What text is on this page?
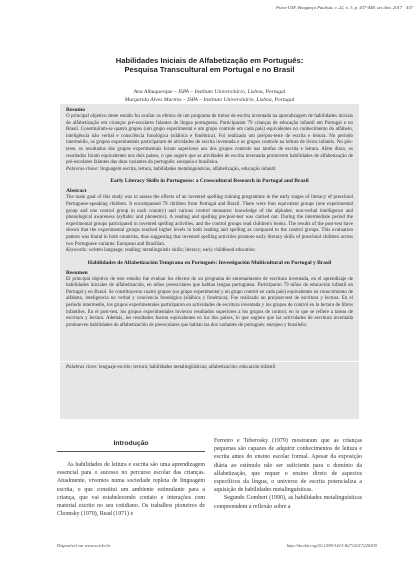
Psico-USF, Bragança Paulista, v. 22, n. 3, p. 437-448, set./dez. 2017 437
Habilidades Iniciais de Alfabetização em Português:
Pesquisa Transcultural em Portugal e no Brasil
Ana Albuquerque – ISPA – Instituto Universitário, Lisboa, Portugal
Margarida Alves Martins – ISPA – Instituto Universitário, Lisboa, Portugal

Resumo

O principal objetivo deste estudo foi avaliar os efeitos de um programa de treino de escrita inventada na aprendizagem de habilidades iniciais de alfabetização em crianças pré-escolares falantes de língua portuguesa. Participaram 79 crianças de educação infantil em Portugal e no Brasil. Constituíram-se quatro grupos (um grupo experimental e um grupo controle em cada país) equivalentes no conhecimento do alfabeto, inteligência não verbal e consciência fonológica (silábica e fonêmica). Foi realizado um pré/pós-teste de escrita e leitura. No período intermédio, os grupos experimentais participaram de atividades de escrita inventada e os grupos controle na leitura de livros infantis. No pós-teste, os resultados dos grupos experimentais foram superiores aos dos grupos controle nas tarefas de escrita e leitura. Além disso, os resultados foram equivalentes nos dois países, o que sugere que as atividades de escrita inventada promovem habilidades de alfabetização de pré-escolares falantes das duas variantes do português: europeia e brasileira.

Palavras-chave: linguagem escrita, leitura, habilidades metalinguísticas, alfabetização, educação infantil

Early Literacy Skills in Portuguese: a Crosscultural Research in Portugal and Brazil

Abstract

The main goal of this study was to assess the effects of an invented spelling training programme in the early stages of literacy of preschool Portuguese-speaking children. It encompassed 79 children from Portugal and Brazil. There were four equivalent groups (one experimental group and one control group in each country) and various control measures: knowledge of the alphabet, non-verbal intelligence and phonological awareness (syllabic and phonemic). A reading and spelling pre/post-test was carried out. During the intermediate period the experimental groups participated in invented spelling activities, and the control groups read children's books. The results of the post-test have shown that the experimental groups reached higher levels in both reading and spelling as compared to the control groups. This evaluation pattern was found in both countries, thus suggesting that invented spelling activities promote early literacy skills of preschool children across two Portuguese variants: European and Brazilian.

Keywords: written language; reading; metalinguistic skills; literacy; early childhood education

Habilidades de Alfabetización Temprana en Portugués: Investigación Multicultural en Portugal y Brasil

Resumen

El principal objetivo de este estudio fue evaluar los efectos de un programa de entrenamiento de escritura inventada, en el aprendizaje de habilidades iniciales de alfabetización, en niños preescolares que hablan lengua portuguesa. Participaron 79 niños de educación infantil en Portugal y en Brasil. Se constituyeron cuatro grupos (un grupo experimental y un grupo control en cada país) equivalentes en conocimiento de alfabeto, inteligencia no verbal y conciencia fonológica (silábica y fonémica). Fue realizado un pre/post-test de escritura y lectura. En el período intermedio, los grupos experimentales participaron en actividades de escritura inventada y los grupos de control en la lectura de libros infantiles. En el post-test, los grupos experimentales tuvieron resultados superiores a los grupos de control, en lo que se refiere a tareas de escritura y lectura. Además, los resultados fueron equivalentes en los dos países, lo que sugiere que las actividades de escritura inventada promueven habilidades de alfabetización de preescolares que hablan las dos variantes de portugués: europeo y brasileño.

Palabras clave: lenguaje escrito; lectura; habilidades metalingüísticas; alfabetización; educación infantil

Introdução

As habilidades de leitura e escrita são uma aprendizagem essencial para o sucesso no percurso escolar das crianças. Atualmente, vivemos numa sociedade repleta de linguagem escrita, o que constitui um ambiente estimulante para a criança, que vai estabelecendo contato e interações com material escrito no seu cotidiano. Os trabalhos pioneiros de Chomsky (1970), Read (1971) e

Ferreiro e Teberosky (1979) mostraram que as crianças pequenas são capazes de adquirir conhecimentos de leitura e escrita antes do ensino escolar formal. Apesar da exposição diária ao estímulo não ser suficiente para o domínio da alfabetização, que requer o ensino direto de aspectos específicos da língua, o universo de escrita potencializa a aquisição de habilidades metalinguísticas.

Segundo Gombert (1990), as habilidades metalinguísticas compreendem a reflexão sobre a

Disponível em www.scielo.br	http://dx.doi.org/10.1590/1413-82712017220305
